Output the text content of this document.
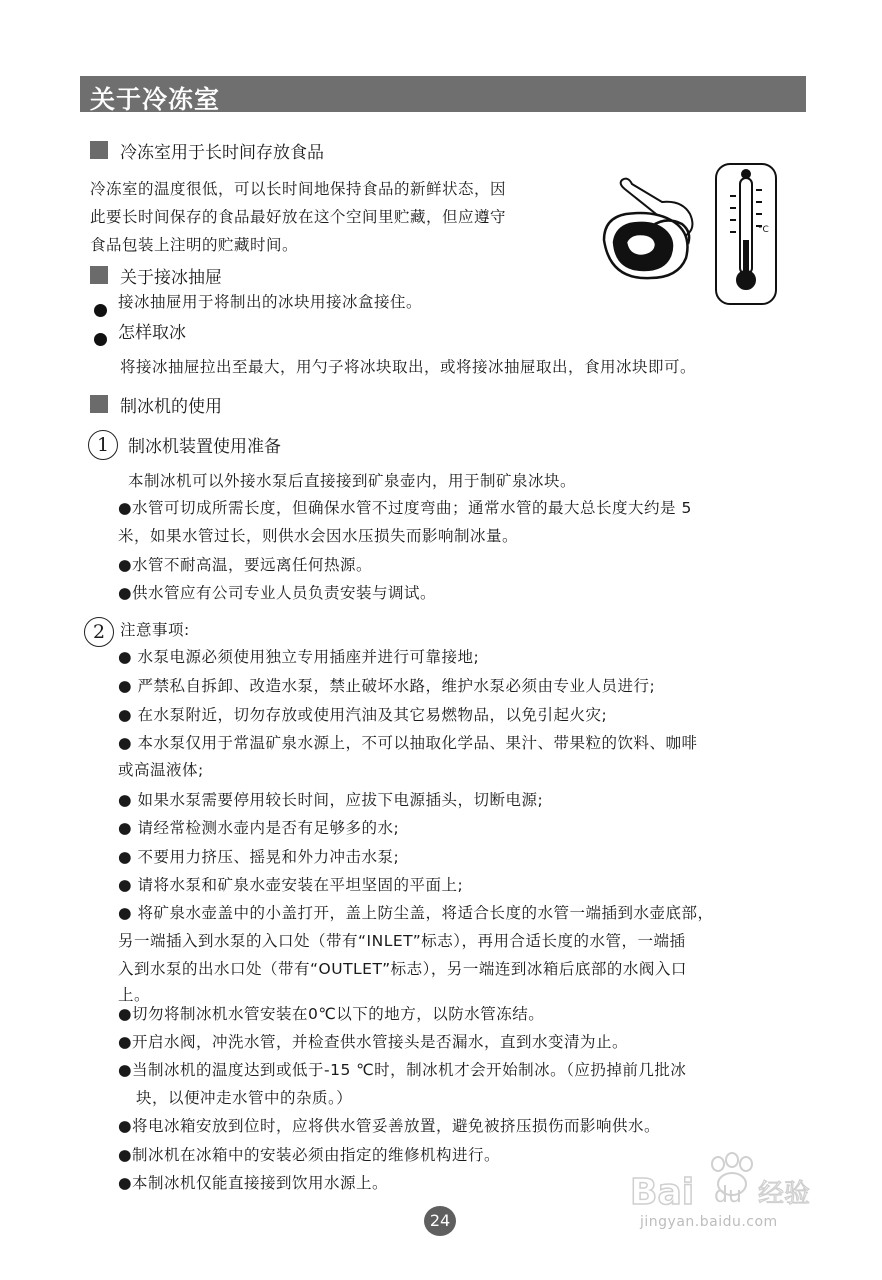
关于冷冻室
冷冻室用于长时间存放食品
冷冻室的温度很低，可以长时间地保持食品的新鲜状态，因
此要长时间保存的食品最好放在这个空间里贮藏，但应遵守
食品包装上注明的贮藏时间。
°C
关于接冰抽屉
接冰抽屉用于将制出的冰块用接冰盒接住。
怎样取冰
将接冰抽屉拉出至最大，用勺子将冰块取出，或将接冰抽屉取出，食用冰块即可。
制冰机的使用
1	制冰机装置使用准备
本制冰机可以外接水泵后直接接到矿泉壶内，用于制矿泉冰块。
●水管可切成所需长度，但确保水管不过度弯曲；通常水管的最大总长度大约是 5
米，如果水管过长，则供水会因水压损失而影响制冰量。
●水管不耐高温，要远离任何热源。
●供水管应有公司专业人员负责安装与调试。
2 注意事项:
● 水泵电源必须使用独立专用插座并进行可靠接地;
● 严禁私自拆卸、改造水泵，禁止破坏水路，维护水泵必须由专业人员进行;
● 在水泵附近，切勿存放或使用汽油及其它易燃物品，以免引起火灾;
● 本水泵仅用于常温矿泉水源上，不可以抽取化学品、果汁、带果粒的饮料、咖啡
或高温液体;
● 如果水泵需要停用较长时间，应拔下电源插头，切断电源;
● 请经常检测水壶内是否有足够多的水;
● 不要用力挤压、摇晃和外力冲击水泵;
● 请将水泵和矿泉水壶安装在平坦坚固的平面上;
● 将矿泉水壶盖中的小盖打开，盖上防尘盖，将适合长度的水管一端插到水壶底部，
另一端插入到水泵的入口处（带有“INLET”标志），再用合适长度的水管，一端插
入到水泵的出水口处（带有“OUTLET”标志），另一端连到冰箱后底部的水阀入口
上。
●切勿将制冰机水管安装在0℃以下的地方，以防水管冻结。
●开启水阀，冲洗水管，并检查供水管接头是否漏水，直到水变清为止。
●当制冰机的温度达到或低于-15 ℃时，制冰机才会开始制冰。（应扔掉前几批冰
块，以便冲走水管中的杂质。）
●将电冰箱安放到位时，应将供水管妥善放置，避免被挤压损伤而影响供水。
●制冰机在冰箱中的安装必须由指定的维修机构进行。
●本制冰机仅能直接接到饮用水源上。
24
Bai du 经验
jingyan.baidu.com
